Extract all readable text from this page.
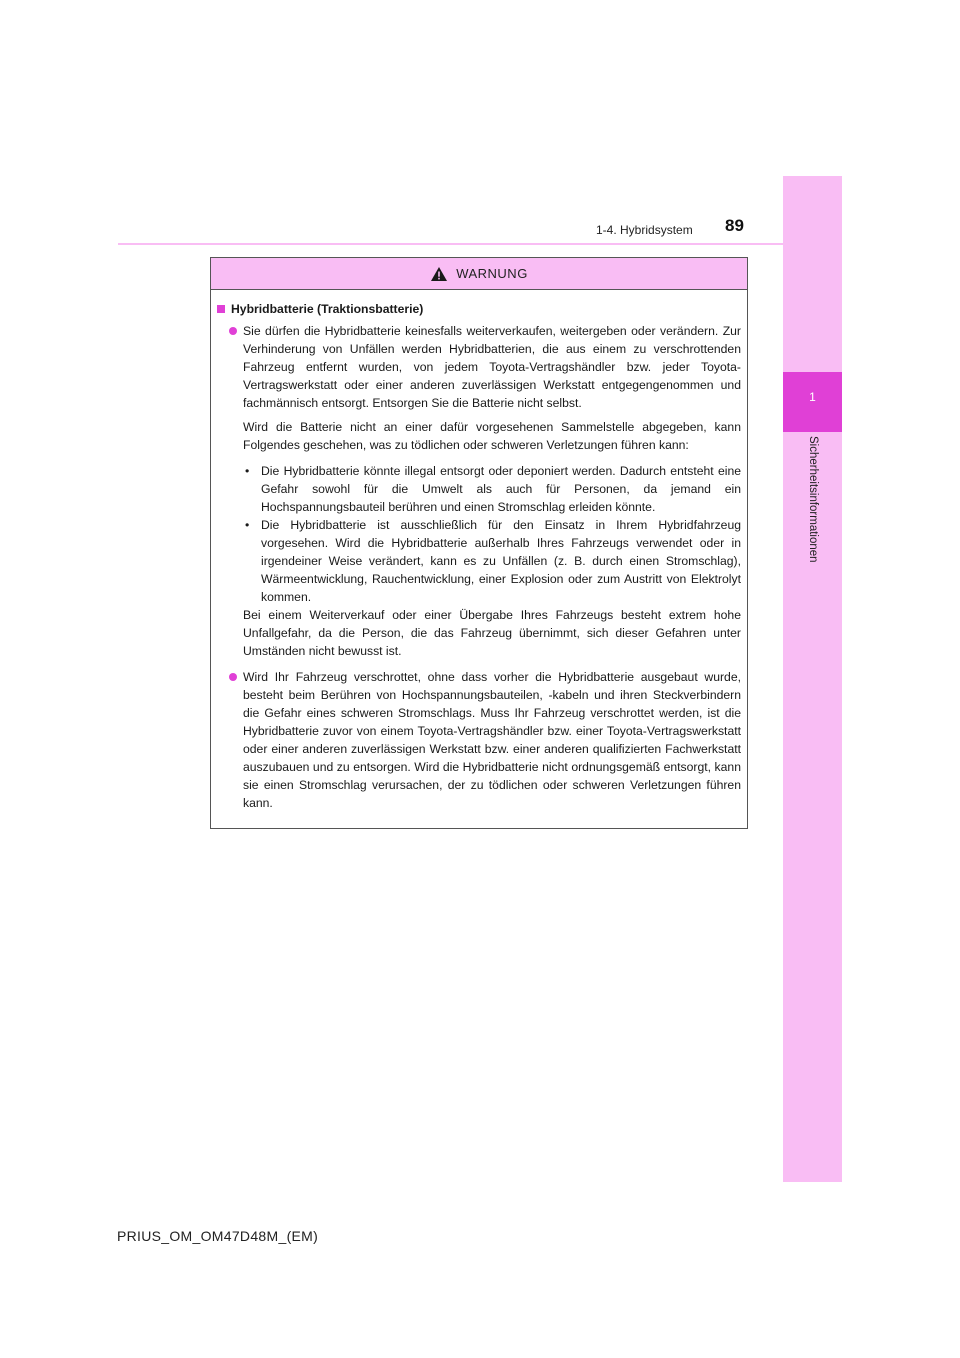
1
Sicherheitsinformationen
1-4. Hybridsystem 89
WARNUNG
Hybridbatterie (Traktionsbatterie)
Sie dürfen die Hybridbatterie keinesfalls weiterverkaufen, weitergeben oder verändern. Zur Verhinderung von Unfällen werden Hybridbatterien, die aus einem zu verschrottenden Fahrzeug entfernt wurden, von jedem Toyota-Vertragshändler bzw. jeder Toyota-Vertragswerkstatt oder einer anderen zuverlässigen Werkstatt entgegengenommen und fachmännisch entsorgt. Entsorgen Sie die Batterie nicht selbst.
Wird die Batterie nicht an einer dafür vorgesehenen Sammelstelle abgegeben, kann Folgendes geschehen, was zu tödlichen oder schweren Verletzungen führen kann:
• Die Hybridbatterie könnte illegal entsorgt oder deponiert werden. Dadurch entsteht eine Gefahr sowohl für die Umwelt als auch für Personen, da jemand ein Hochspannungsbauteil berühren und einen Stromschlag erleiden könnte.
• Die Hybridbatterie ist ausschließlich für den Einsatz in Ihrem Hybridfahrzeug vorgesehen. Wird die Hybridbatterie außerhalb Ihres Fahrzeugs verwendet oder in irgendeiner Weise verändert, kann es zu Unfällen (z. B. durch einen Stromschlag), Wärmeentwicklung, Rauchentwicklung, einer Explosion oder zum Austritt von Elektrolyt kommen.
Bei einem Weiterverkauf oder einer Übergabe Ihres Fahrzeugs besteht extrem hohe Unfallgefahr, da die Person, die das Fahrzeug übernimmt, sich dieser Gefahren unter Umständen nicht bewusst ist.
Wird Ihr Fahrzeug verschrottet, ohne dass vorher die Hybridbatterie ausgebaut wurde, besteht beim Berühren von Hochspannungsbauteilen, -kabeln und ihren Steckverbindern die Gefahr eines schweren Stromschlags. Muss Ihr Fahrzeug verschrottet werden, ist die Hybridbatterie zuvor von einem Toyota-Vertragshändler bzw. einer Toyota-Vertragswerkstatt oder einer anderen zuverlässigen Werkstatt bzw. einer anderen qualifizierten Fachwerkstatt auszubauen und zu entsorgen. Wird die Hybridbatterie nicht ordnungsgemäß entsorgt, kann sie einen Stromschlag verursachen, der zu tödlichen oder schweren Verletzungen führen kann.
PRIUS_OM_OM47D48M_(EM)
